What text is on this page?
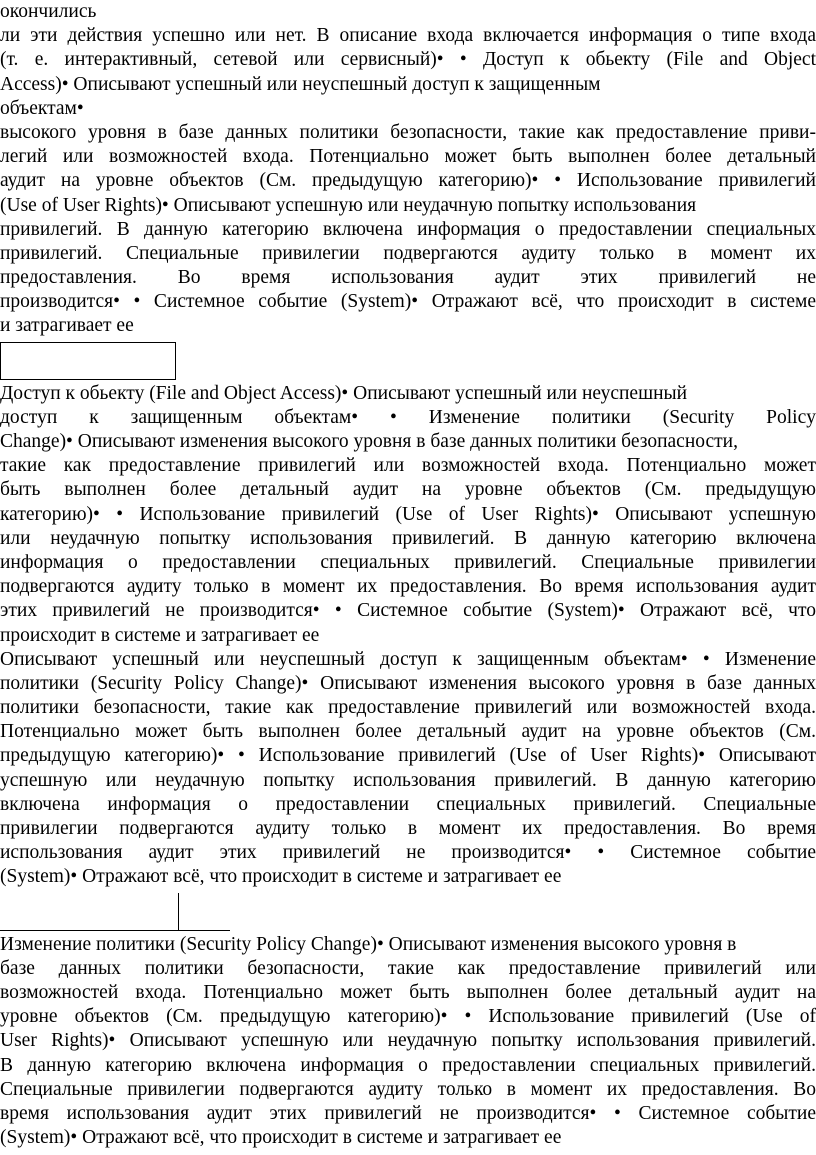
окончились
ли эти действия успешно или нет. В описание входа включается информация о типе входа
(т. е. интерактивный, сетевой или сервисный)• • Доступ к обьекту (File and Object
Access)• Описывают успешный или неуспешный доступ к защищенным
объектам•
высокого уровня в базе данных политики безопасности, такие как предоставление приви-
легий или возможностей входа. Потенциально может быть выполнен более детальный
аудит на уровне объектов (См. предыдущую категорию)• • Использование привилегий
(Use of User Rights)• Описывают успешную или неудачную попытку использования
привилегий. В данную категорию включена информация о предоставлении специальных
привилегий. Специальные привилегии подвергаются аудиту только в момент их
предоставления. Во время использования аудит этих привилегий не
производится• • Системное событие (System)• Отражают всё, что происходит в системе
и затрагивает ее
Доступ к обьекту (File and Object Access)• Описывают успешный или неуспешный
доступ к защищенным объектам• • Изменение политики (Security Policy
Change)• Описывают изменения высокого уровня в базе данных политики безопасности,
такие как предоставление привилегий или возможностей входа. Потенциально может
быть выполнен более детальный аудит на уровне объектов (См. предыдущую
категорию)• • Использование привилегий (Use of User Rights)• Описывают успешную
или неудачную попытку использования привилегий. В данную категорию включена
информация о предоставлении специальных привилегий. Специальные привилегии
подвергаются аудиту только в момент их предоставления. Во время использования аудит
этих привилегий не производится• • Системное событие (System)• Отражают всё, что
происходит в системе и затрагивает ее
Описывают успешный или неуспешный доступ к защищенным объектам• • Изменение
политики (Security Policy Change)• Описывают изменения высокого уровня в базе данных
политики безопасности, такие как предоставление привилегий или возможностей входа.
Потенциально может быть выполнен более детальный аудит на уровне объектов (См.
предыдущую категорию)• • Использование привилегий (Use of User Rights)• Описывают
успешную или неудачную попытку использования привилегий. В данную категорию
включена информация о предоставлении специальных привилегий. Специальные
привилегии подвергаются аудиту только в момент их предоставления. Во время
использования аудит этих привилегий не производится• • Системное событие
(System)• Отражают всё, что происходит в системе и затрагивает ее
Изменение политики (Security Policy Change)• Описывают изменения высокого уровня в
базе данных политики безопасности, такие как предоставление привилегий или
возможностей входа. Потенциально может быть выполнен более детальный аудит на
уровне объектов (См. предыдущую категорию)• • Использование привилегий (Use of
User Rights)• Описывают успешную или неудачную попытку использования привилегий.
В данную категорию включена информация о предоставлении специальных привилегий.
Специальные привилегии подвергаются аудиту только в момент их предоставления. Во
время использования аудит этих привилегий не производится• • Системное событие
(System)• Отражают всё, что происходит в системе и затрагивает ее
